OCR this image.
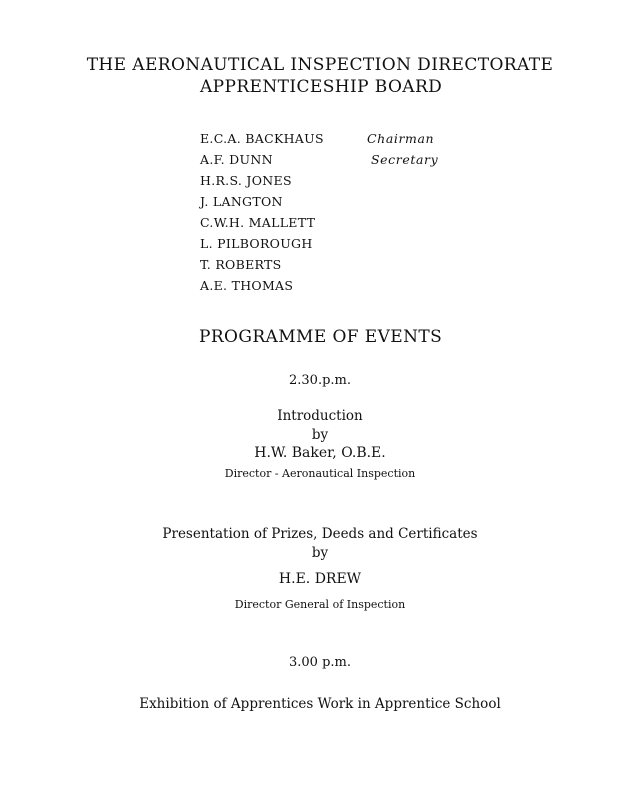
THE AERONAUTICAL INSPECTION DIRECTORATE
APPRENTICESHIP BOARD
E.C.A. BACKHAUS	Chairman
A.F. DUNN	Secretary
H.R.S. JONES
J. LANGTON
C.W.H. MALLETT
L. PILBOROUGH
T. ROBERTS
A.E. THOMAS
PROGRAMME OF EVENTS
2.30.p.m.
Introduction
by
H.W. Baker, O.B.E.
Director - Aeronautical Inspection
Presentation of Prizes, Deeds and Certificates
by
H.E. DREW
Director General of Inspection
3.00 p.m.
Exhibition of Apprentices Work in Apprentice School
